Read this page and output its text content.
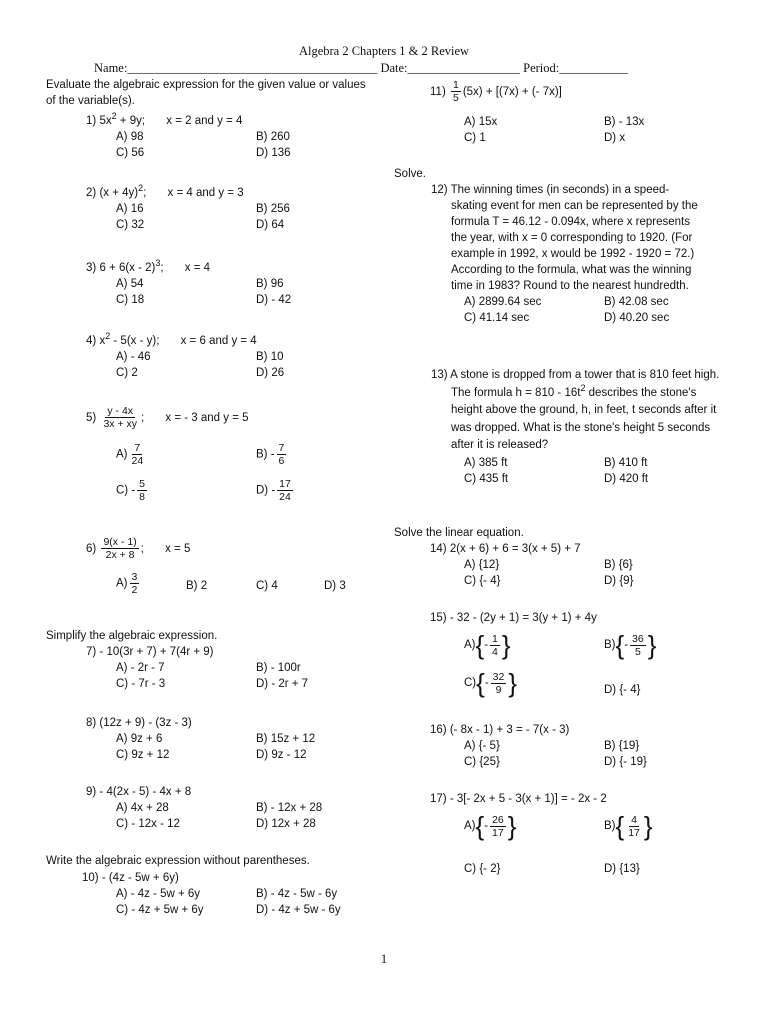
Algebra 2 Chapters 1 & 2 Review
Name:________________________________________ Date:__________________ Period:___________
Evaluate the algebraic expression for the given value or values of the variable(s).
1) $5x^2 + 9y$; x = 2 and y = 4
A) 98	B) 260
C) 56	D) 136
2) $(x + 4y)^2$; x = 4 and y = 3
A) 16	B) 256
C) 32	D) 64
3) 6 + 6(x - 2)$^3$; x = 4
A) 54	B) 96
C) 18	D) - 42
4) $x^2 - 5(x - y)$; x = 6 and y = 4
A) - 46	B) 10
C) 2	D) 26
$5) \frac{y - 4x}{3x + xy}$ ; x = - 3 and y = 5
$A) \frac{7}{24}$	$B) - \frac{7}{6}$
$C) - \frac{5}{8}$	$D) - \frac{17}{24}$
$6) \frac{9(x - 1)}{2x + 8}$ ; x = 5
$A) \frac{3}{2}$	B) 2	C) 4	D) 3
Simplify the algebraic expression.
7) - 10(3r + 7) + 7(4r + 9)
A) - 2r - 7	B) - 100r
C) - 7r - 3	D) - 2r + 7
8) (12z + 9) - (3z - 3)
A) 9z + 6	B) 15z + 12
C) 9z + 12	D) 9z - 12
9) - 4(2x - 5) - 4x + 8
A) 4x + 28	B) - 12x + 28
C) - 12x - 12	D) 12x + 28
Write the algebraic expression without parentheses.
10) - (4z - 5w + 6y)
A) - 4z - 5w + 6y	B) - 4z - 5w - 6y
C) - 4z + 5w + 6y	D) - 4z + 5w - 6y
$11) \frac{1}{5} (5x) + [(7x)$ + (- 7x)]
A) 15x	B) - 13x
C) 1	D) x
Solve.
12) The winning times (in seconds) in a speed-skating event for men can be represented by the formula T = 46.12 - 0.094x, where x represents the year, with x = 0 corresponding to 1920. (For example in 1992, x would be 1992 - 1920 = 72.) According to the formula, what was the winning time in 1983? Round to the nearest hundredth.
A) 2899.64 sec	B) 42.08 sec
C) 41.14 sec	D) 40.20 sec
13) A stone is dropped from a tower that is 810 feet high. The formula $h = 810 - 16t^2$ describes the stone's height above the ground, h, in feet, t seconds after it was dropped. What is the stone's height 5 seconds after it is released?
A) 385 ft	B) 410 ft
C) 435 ft	D) 420 ft
Solve the linear equation.
14) 2(x + 6) + 6 = 3(x + 5) + 7
A) {12}	B) {6}
C) {- 4}	D) {9}
15) - 32 - (2y + 1) = 3(y + 1) + 4y
$A)\{- \frac{1}{4}$ }	$B)\{- \frac{36}{5}$ }
$C)\{- \frac{32}{9}$ }	D) {- 4}
16) (- 8x - 1) + 3 = - 7(x - 3)
A) {- 5}	B) {19}
C) {25}	D) {- 19}
17) - 3[- 2x + 5 - 3(x + 1)] = - 2x - 2
$A)\{- \frac{26}{17}$ }	$B)\{ \frac{4}{17}$ }
C) {- 2}	D) {13}
1
